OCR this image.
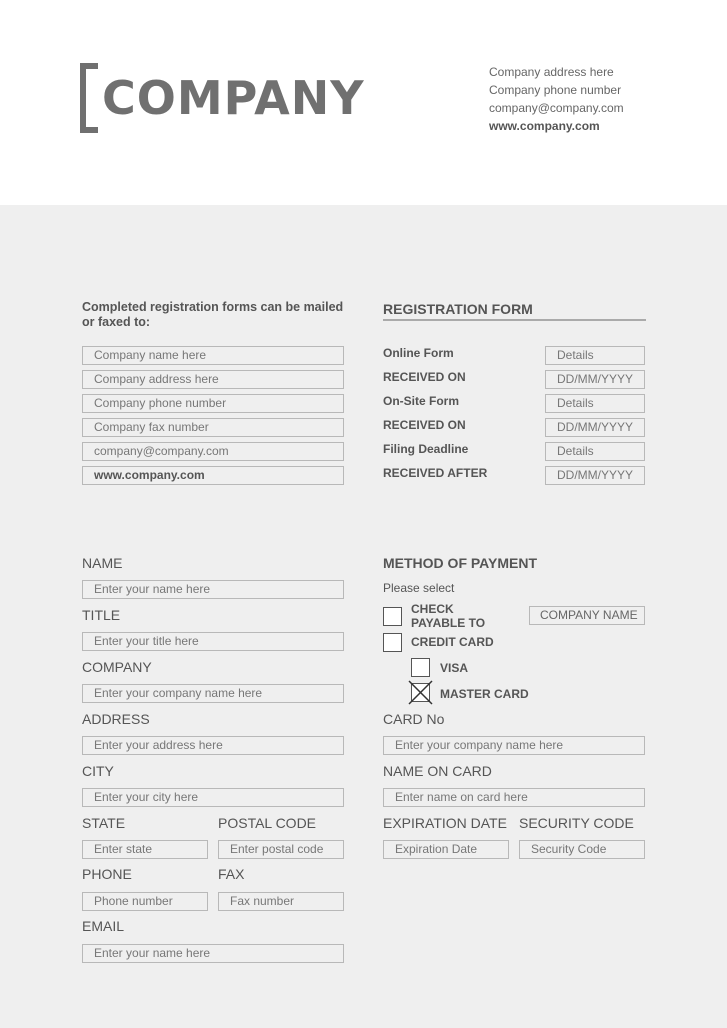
COMPANY	Company address here
Company phone number
company@company.com
www.company.com
Completed registration forms can be mailed or faxed to:
Company name here
Company address here
Company phone number
Company fax number
company@company.com
www.company.com
REGISTRATION FORM
Online Form	Details
RECEIVED ON	DD/MM/YYYY
On-Site Form	Details
RECEIVED ON	DD/MM/YYYY
Filing Deadline	Details
RECEIVED AFTER	DD/MM/YYYY
NAME
Enter your name here
TITLE
Enter your title here
COMPANY
Enter your company name here
ADDRESS
Enter your address here
CITY
Enter your city here
STATE
Enter state
POSTAL CODE
Enter postal code
PHONE
Phone number
FAX
Fax number
EMAIL
Enter your name here
METHOD OF PAYMENT
Please select
CHECK PAYABLE TO
COMPANY NAME
CREDIT CARD
VISA
MASTER CARD
CARD No
Enter your company name here
NAME ON CARD
Enter name on card here
EXPIRATION DATE
Expiration Date
SECURITY CODE
Security Code
